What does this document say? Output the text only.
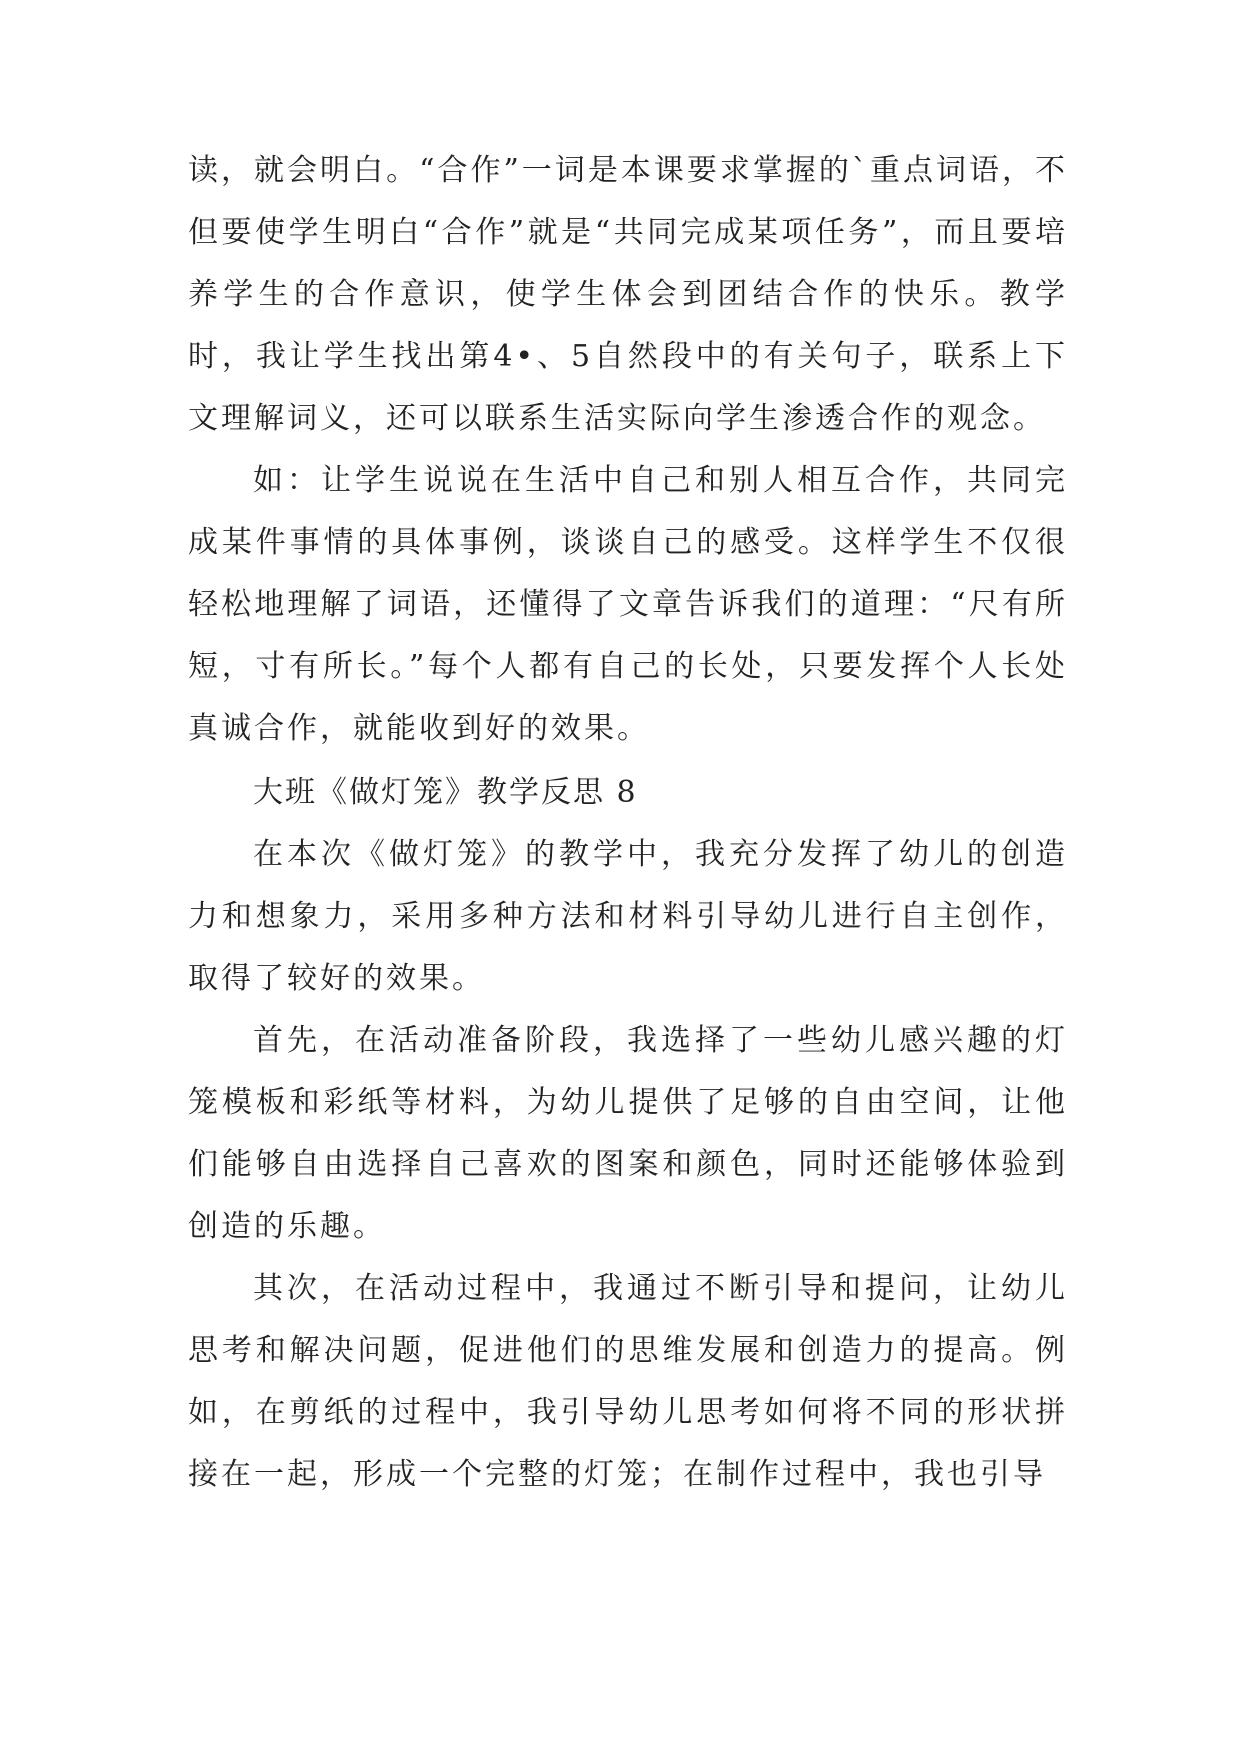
读，就会明白。“合作”一词是本课要求掌握的`重点词语，不但要使学生明白“合作”就是“共同完成某项任务”，而且要培养学生的合作意识，使学生体会到团结合作的快乐。教学时，我让学生找出第4•、5自然段中的有关句子，联系上下文理解词义，还可以联系生活实际向学生渗透合作的观念。

如：让学生说说在生活中自己和别人相互合作，共同完成某件事情的具体事例，谈谈自己的感受。这样学生不仅很轻松地理解了词语，还懂得了文章告诉我们的道理：“尺有所短，寸有所长。”每个人都有自己的长处，只要发挥个人长处真诚合作，就能收到好的效果。

大班《做灯笼》教学反思 8

在本次《做灯笼》的教学中，我充分发挥了幼儿的创造力和想象力，采用多种方法和材料引导幼儿进行自主创作，取得了较好的效果。

首先，在活动准备阶段，我选择了一些幼儿感兴趣的灯笼模板和彩纸等材料，为幼儿提供了足够的自由空间，让他们能够自由选择自己喜欢的图案和颜色，同时还能够体验到创造的乐趣。

其次，在活动过程中，我通过不断引导和提问，让幼儿思考和解决问题，促进他们的思维发展和创造力的提高。例如，在剪纸的过程中，我引导幼儿思考如何将不同的形状拼接在一起，形成一个完整的灯笼；在制作过程中，我也引导
